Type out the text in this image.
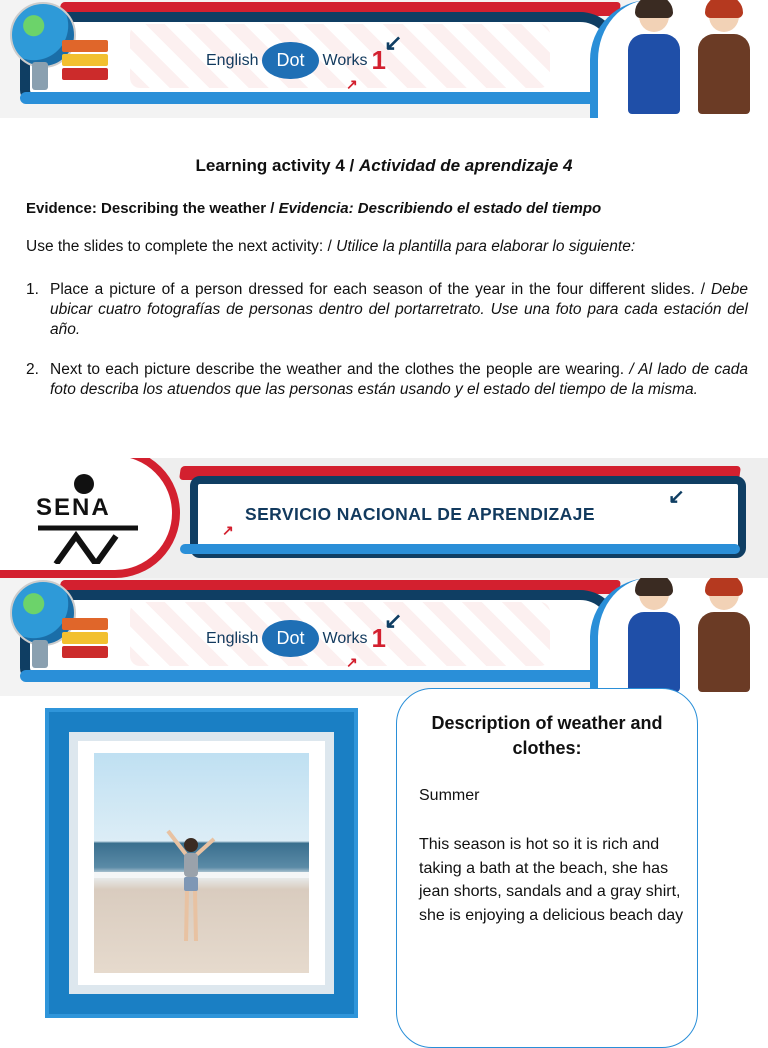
English	Dot	Works 1
↙
↗
Learning activity 4 / Actividad de aprendizaje 4
Evidence: Describing the weather / Evidencia: Describiendo el estado del tiempo
Use the slides to complete the next activity: / Utilice la plantilla para elaborar lo siguiente:
1. Place a picture of a person dressed for each season of the year in the four different slides. / Debe ubicar cuatro fotografías de personas dentro del portarretrato. Use una foto para cada estación del año.
2. Next to each picture describe the weather and the clothes the people are wearing. / Al lado de cada foto describa los atuendos que las personas están usando y el estado del tiempo de la misma.
SENA	SERVICIO NACIONAL DE APRENDIZAJE
↙
↗
English	Dot	Works 1
↙
↗
Description of weather and clothes:
Summer
This season is hot so it is rich and taking a bath at the beach, she has jean shorts, sandals and a gray shirt, she is enjoying a delicious beach day
